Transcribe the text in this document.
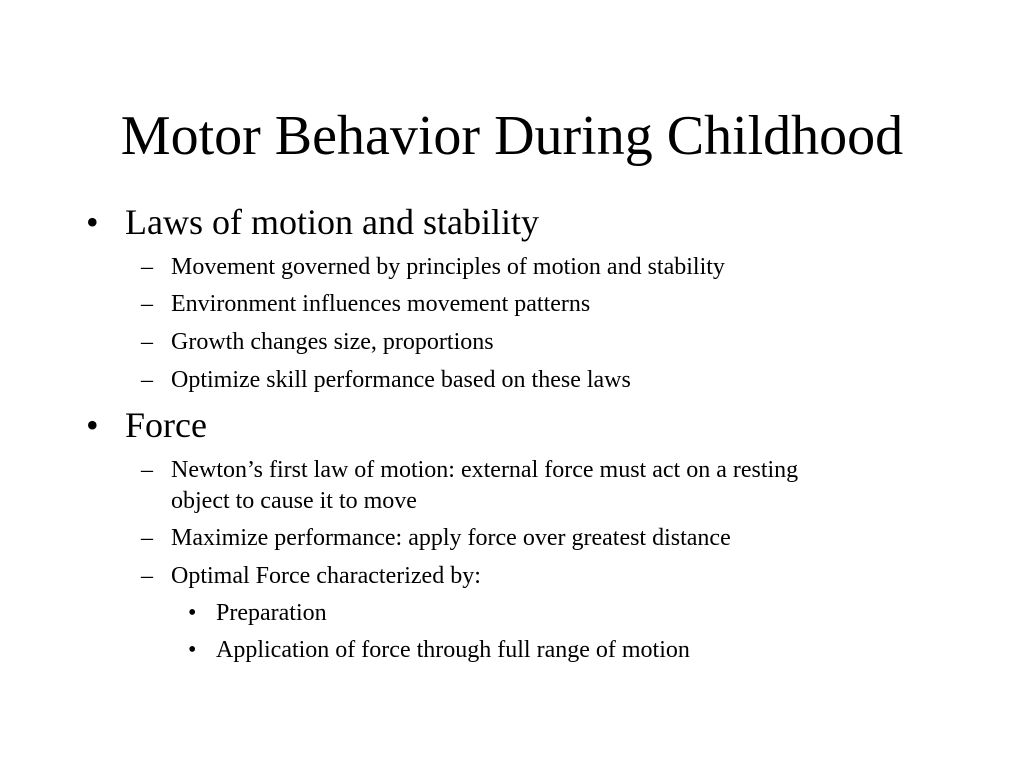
Motor Behavior During Childhood
• Laws of motion and stability
– Movement governed by principles of motion and stability
– Environment influences movement patterns
– Growth changes size, proportions
– Optimize skill performance based on these laws
• Force
– Newton’s first law of motion: external force must act on a resting
object to cause it to move
– Maximize performance: apply force over greatest distance
– Optimal Force characterized by:
• Preparation
• Application of force through full range of motion
